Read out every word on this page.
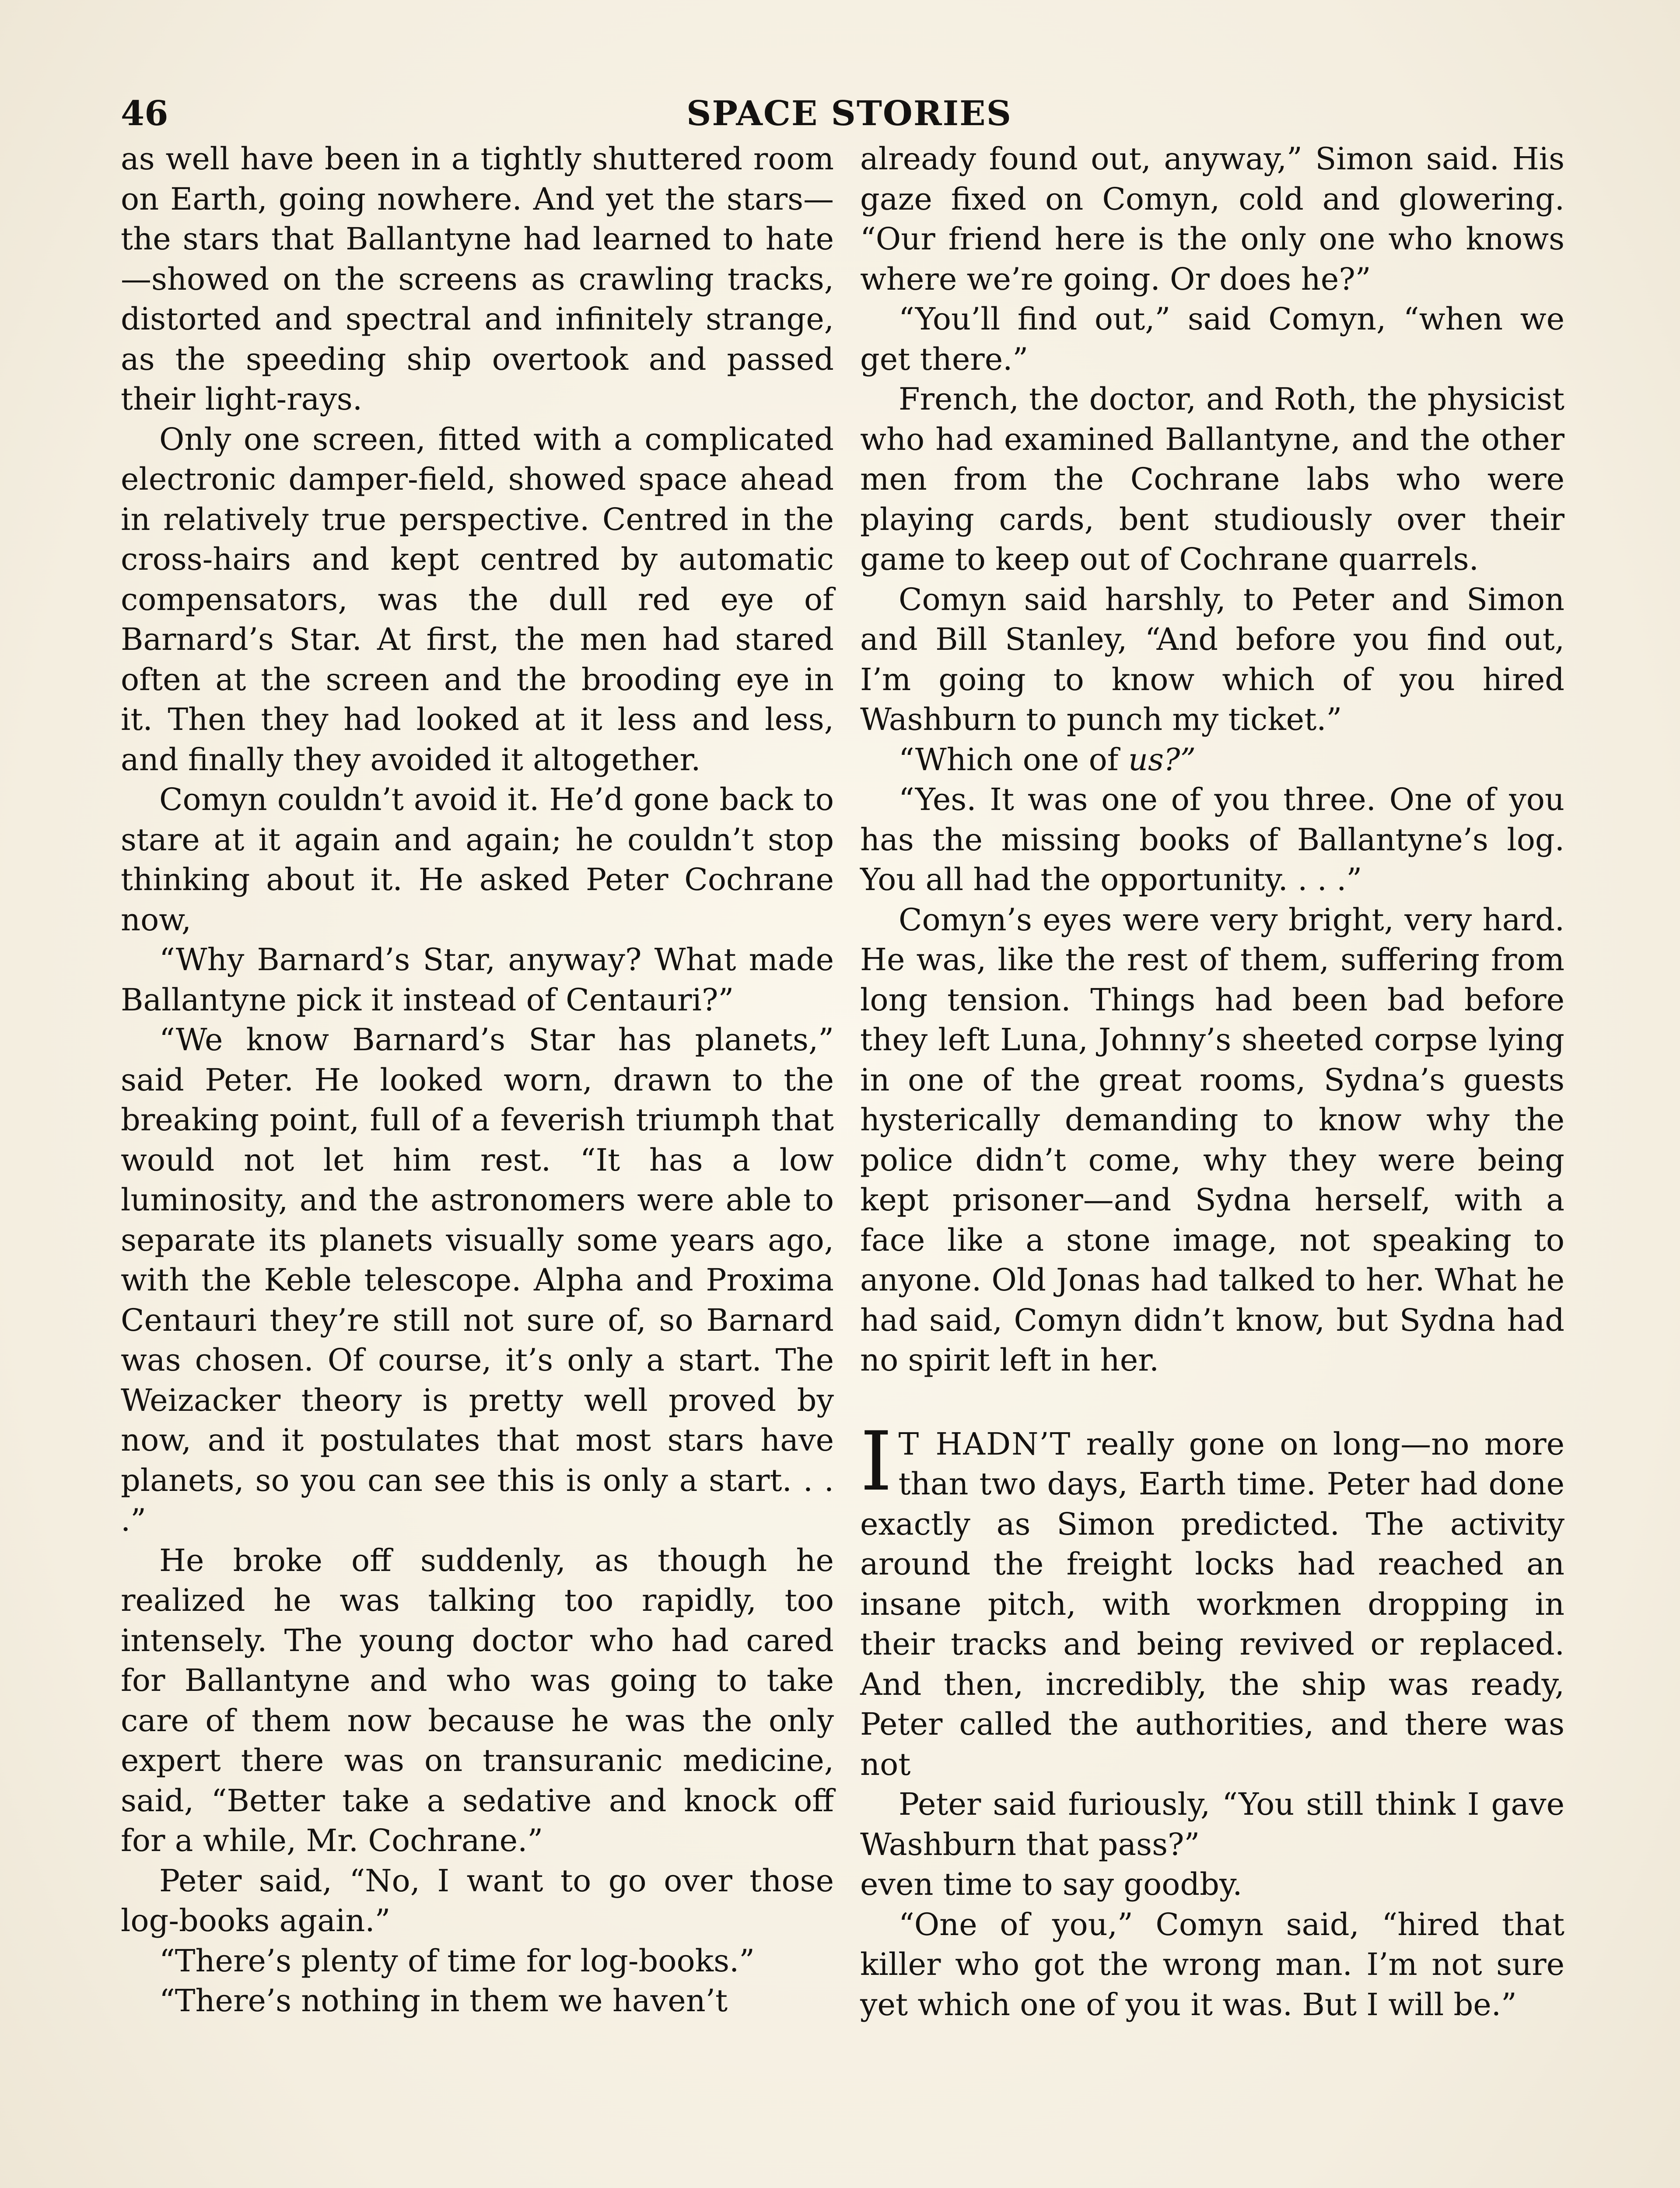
46	SPACE STORIES

as well have been in a tightly shuttered room on Earth, going nowhere. And yet the stars—the stars that Ballantyne had learned to hate—showed on the screens as crawling tracks, distorted and spectral and infinitely strange, as the speeding ship overtook and passed their light-rays.

Only one screen, fitted with a complicated electronic damper-field, showed space ahead in relatively true perspective. Centred in the cross-hairs and kept centred by automatic compensators, was the dull red eye of Barnard’s Star. At first, the men had stared often at the screen and the brooding eye in it. Then they had looked at it less and less, and finally they avoided it altogether.

Comyn couldn’t avoid it. He’d gone back to stare at it again and again; he couldn’t stop thinking about it. He asked Peter Cochrane now,

“Why Barnard’s Star, anyway? What made Ballantyne pick it instead of Centauri?”

“We know Barnard’s Star has planets,” said Peter. He looked worn, drawn to the breaking point, full of a feverish triumph that would not let him rest. “It has a low luminosity, and the astronomers were able to separate its planets visually some years ago, with the Keble telescope. Alpha and Proxima Centauri they’re still not sure of, so Barnard was chosen. Of course, it’s only a start. The Weizacker theory is pretty well proved by now, and it postulates that most stars have planets, so you can see this is only a start. . . .”

He broke off suddenly, as though he realized he was talking too rapidly, too intensely. The young doctor who had cared for Ballantyne and who was going to take care of them now because he was the only expert there was on transuranic medicine, said, “Better take a sedative and knock off for a while, Mr. Cochrane.”

Peter said, “No, I want to go over those log-books again.”

“There’s plenty of time for log-books.”

“There’s nothing in them we haven’t

already found out, anyway,” Simon said. His gaze fixed on Comyn, cold and glowering. “Our friend here is the only one who knows where we’re going. Or does he?”

“You’ll find out,” said Comyn, “when we get there.”

French, the doctor, and Roth, the physicist who had examined Ballantyne, and the other men from the Cochrane labs who were playing cards, bent studiously over their game to keep out of Cochrane quarrels.

Comyn said harshly, to Peter and Simon and Bill Stanley, “And before you find out, I’m going to know which of you hired Washburn to punch my ticket.”

“Which one of us?”

“Yes. It was one of you three. One of you has the missing books of Ballantyne’s log. You all had the opportunity. . . .”

Comyn’s eyes were very bright, very hard. He was, like the rest of them, suffering from long tension. Things had been bad before they left Luna, Johnny’s sheeted corpse lying in one of the great rooms, Sydna’s guests hysterically demanding to know why the police didn’t come, why they were being kept prisoner—and Sydna herself, with a face like a stone image, not speaking to anyone. Old Jonas had talked to her. What he had said, Comyn didn’t know, but Sydna had no spirit left in her.

I T HADN’T really gone on long—no more than two days, Earth time. Peter had done exactly as Simon predicted. The activity around the freight locks had reached an insane pitch, with workmen dropping in their tracks and being revived or replaced. And then, incredibly, the ship was ready, Peter called the authorities, and there was not

Peter said furiously, “You still think I gave Washburn that pass?”

even time to say goodby.

“One of you,” Comyn said, “hired that killer who got the wrong man. I’m not sure yet which one of you it was. But I will be.”
